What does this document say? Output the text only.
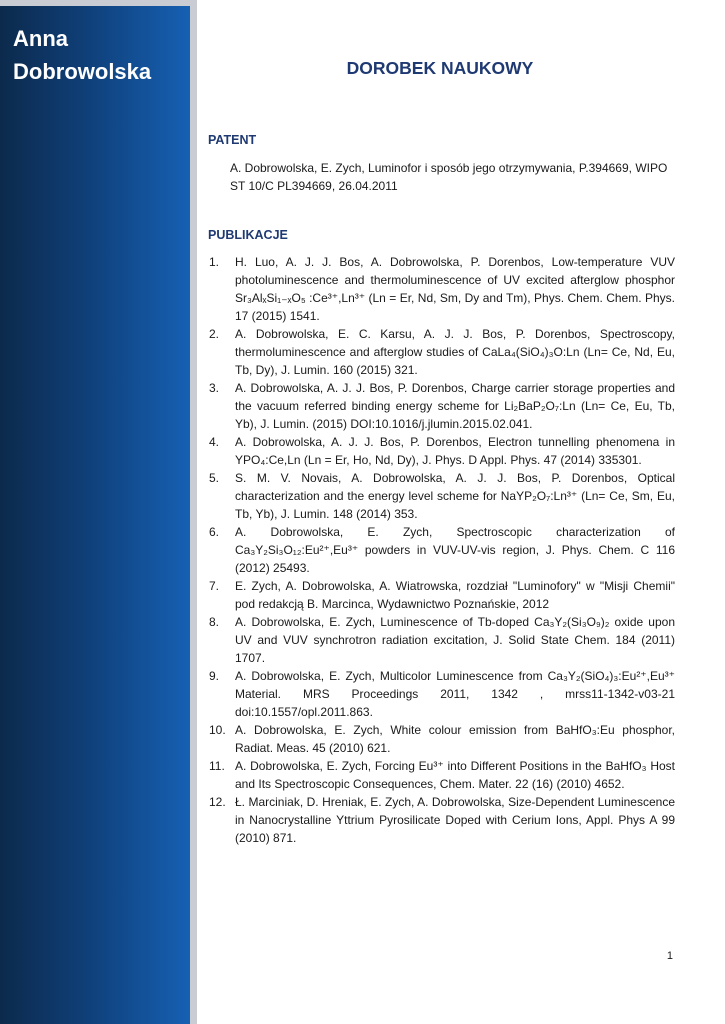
Anna
Dobrowolska	DOROBEK NAUKOWY
PATENT

A. Dobrowolska, E. Zych, Luminofor i sposób jego otrzymywania, P.394669, WIPO ST 10/C PL394669, 26.04.2011

PUBLIKACJE
1. H. Luo, A. J. J. Bos, A. Dobrowolska, P. Dorenbos, Low-temperature VUV photoluminescence and thermoluminescence of UV excited afterglow phosphor Sr₃AlₓSi₁₋ₓO₅ :Ce³⁺,Ln³⁺ (Ln = Er, Nd, Sm, Dy and Tm), Phys. Chem. Chem. Phys. 17 (2015) 1541.
2. A. Dobrowolska, E. C. Karsu, A. J. J. Bos, P. Dorenbos, Spectroscopy, thermoluminescence and afterglow studies of CaLa₄(SiO₄)₃O:Ln (Ln= Ce, Nd, Eu, Tb, Dy), J. Lumin. 160 (2015) 321.
3. A. Dobrowolska, A. J. J. Bos, P. Dorenbos, Charge carrier storage properties and the vacuum referred binding energy scheme for Li₂BaP₂O₇:Ln (Ln= Ce, Eu, Tb, Yb), J. Lumin. (2015) DOI:10.1016/j.jlumin.2015.02.041.
4. A. Dobrowolska, A. J. J. Bos, P. Dorenbos, Electron tunnelling phenomena in YPO₄:Ce,Ln (Ln = Er, Ho, Nd, Dy), J. Phys. D Appl. Phys. 47 (2014) 335301.
5. S. M. V. Novais, A. Dobrowolska, A. J. J. Bos, P. Dorenbos, Optical characterization and the energy level scheme for NaYP₂O₇:Ln³⁺ (Ln= Ce, Sm, Eu, Tb, Yb), J. Lumin. 148 (2014) 353.
6. A. Dobrowolska, E. Zych, Spectroscopic characterization of Ca₃Y₂Si₃O₁₂:Eu²⁺,Eu³⁺ powders in VUV-UV-vis region, J. Phys. Chem. C 116 (2012) 25493.
7. E. Zych, A. Dobrowolska, A. Wiatrowska, rozdział "Luminofory" w "Misji Chemii" pod redakcją B. Marcinca, Wydawnictwo Poznańskie, 2012
8. A. Dobrowolska, E. Zych, Luminescence of Tb-doped Ca₃Y₂(Si₃O₉)₂ oxide upon UV and VUV synchrotron radiation excitation, J. Solid State Chem. 184 (2011) 1707.
9. A. Dobrowolska, E. Zych, Multicolor Luminescence from Ca₃Y₂(SiO₄)₃:Eu²⁺,Eu³⁺ Material. MRS Proceedings 2011, 1342 , mrss11-1342-v03-21 doi:10.1557/opl.2011.863.
10. A. Dobrowolska, E. Zych, White colour emission from BaHfO₃:Eu phosphor, Radiat. Meas. 45 (2010) 621.
11. A. Dobrowolska, E. Zych, Forcing Eu³⁺ into Different Positions in the BaHfO₃ Host and Its Spectroscopic Consequences, Chem. Mater. 22 (16) (2010) 4652.
12. Ł. Marciniak, D. Hreniak, E. Zych, A. Dobrowolska, Size-Dependent Luminescence in Nanocrystalline Yttrium Pyrosilicate Doped with Cerium Ions, Appl. Phys A 99 (2010) 871.
1
